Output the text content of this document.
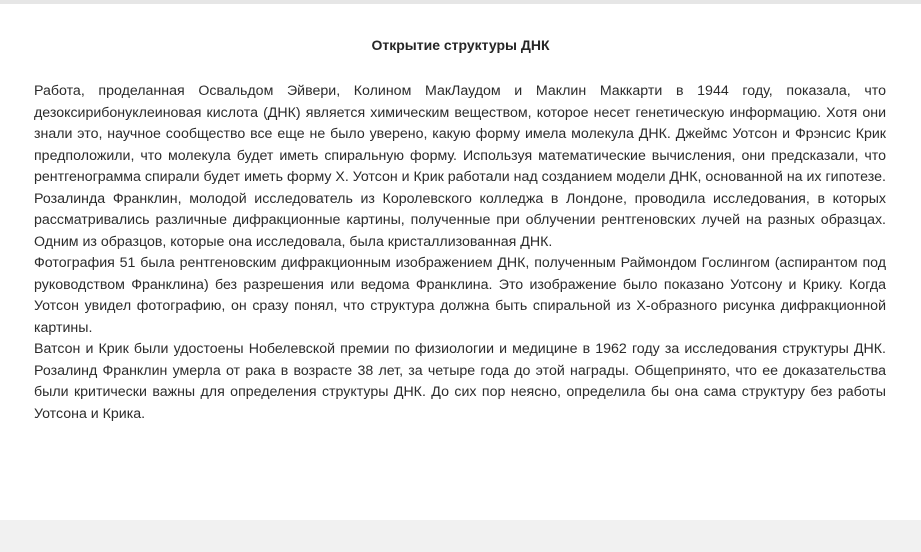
Открытие структуры ДНК

Работа, проделанная Освальдом Эйвери, Колином МакЛаудом и Маклин Маккарти в 1944 году, показала, что дезоксирибонуклеиновая кислота (ДНК) является химическим веществом, которое несет генетическую информацию. Хотя они знали это, научное сообщество все еще не было уверено, какую форму имела молекула ДНК. Джеймс Уотсон и Фрэнсис Крик предположили, что молекула будет иметь спиральную форму. Используя математические вычисления, они предсказали, что рентгенограмма спирали будет иметь форму Х. Уотсон и Крик работали над созданием модели ДНК, основанной на их гипотезе.

Розалинда Франклин, молодой исследователь из Королевского колледжа в Лондоне, проводила исследования, в которых рассматривались различные дифракционные картины, полученные при облучении рентгеновских лучей на разных образцах. Одним из образцов, которые она исследовала, была кристаллизованная ДНК.

Фотография 51 была рентгеновским дифракционным изображением ДНК, полученным Раймондом Гослингом (аспирантом под руководством Франклина) без разрешения или ведома Франклина. Это изображение было показано Уотсону и Крику. Когда Уотсон увидел фотографию, он сразу понял, что структура должна быть спиральной из Х-образного рисунка дифракционной картины.

Ватсон и Крик были удостоены Нобелевской премии по физиологии и медицине в 1962 году за исследования структуры ДНК. Розалинд Франклин умерла от рака в возрасте 38 лет, за четыре года до этой награды. Общепринято, что ее доказательства были критически важны для определения структуры ДНК. До сих пор неясно, определила бы она сама структуру без работы Уотсона и Крика.
